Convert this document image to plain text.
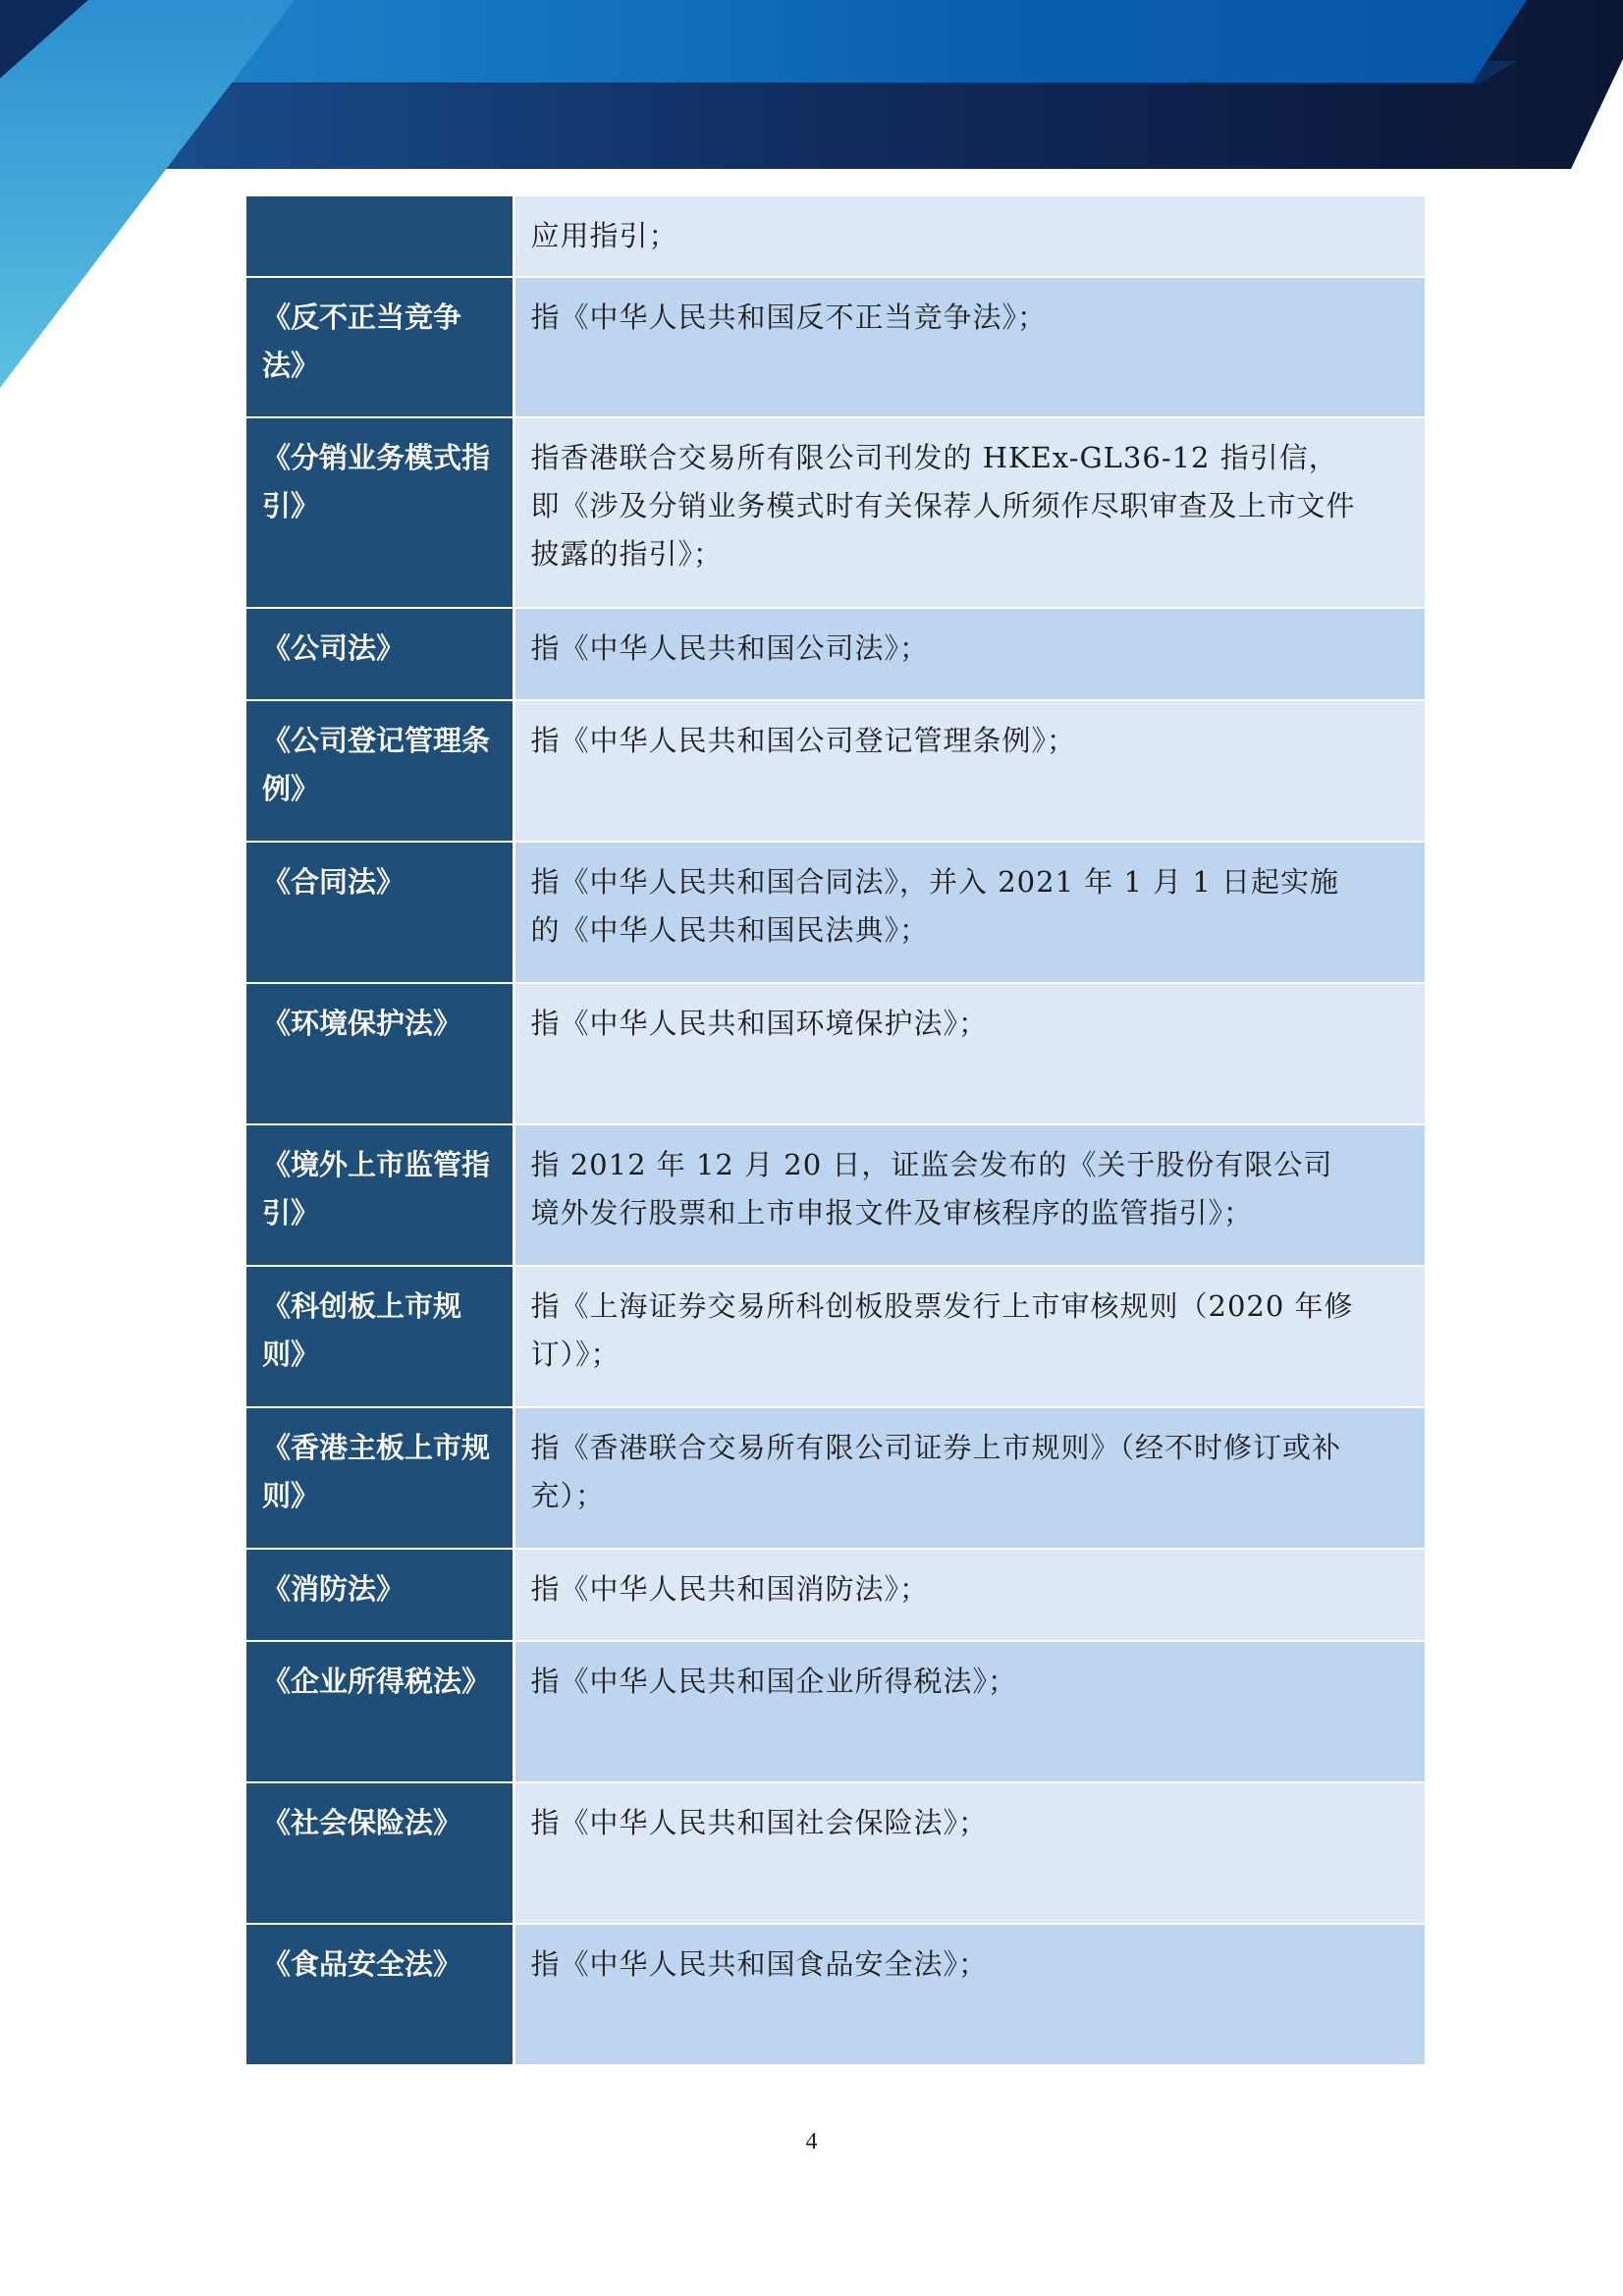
	应用指引；
《反不正当竞争法》	指《中华人民共和国反不正当竞争法》；
《分销业务模式指引》	指香港联合交易所有限公司刊发的 HKEx-GL36-12 指引信，即《涉及分销业务模式时有关保荐人所须作尽职审查及上市文件披露的指引》；
《公司法》	指《中华人民共和国公司法》；
《公司登记管理条例》	指《中华人民共和国公司登记管理条例》；
《合同法》	指《中华人民共和国合同法》，并入 2021 年 1 月 1 日起实施的《中华人民共和国民法典》；
《环境保护法》	指《中华人民共和国环境保护法》；
《境外上市监管指引》	指 2012 年 12 月 20 日，证监会发布的《关于股份有限公司境外发行股票和上市申报文件及审核程序的监管指引》；
《科创板上市规则》	指《上海证券交易所科创板股票发行上市审核规则（2020 年修订）》；
《香港主板上市规则》	指《香港联合交易所有限公司证券上市规则》（经不时修订或补充）；
《消防法》	指《中华人民共和国消防法》；
《企业所得税法》	指《中华人民共和国企业所得税法》；
《社会保险法》	指《中华人民共和国社会保险法》；
《食品安全法》	指《中华人民共和国食品安全法》；
4
